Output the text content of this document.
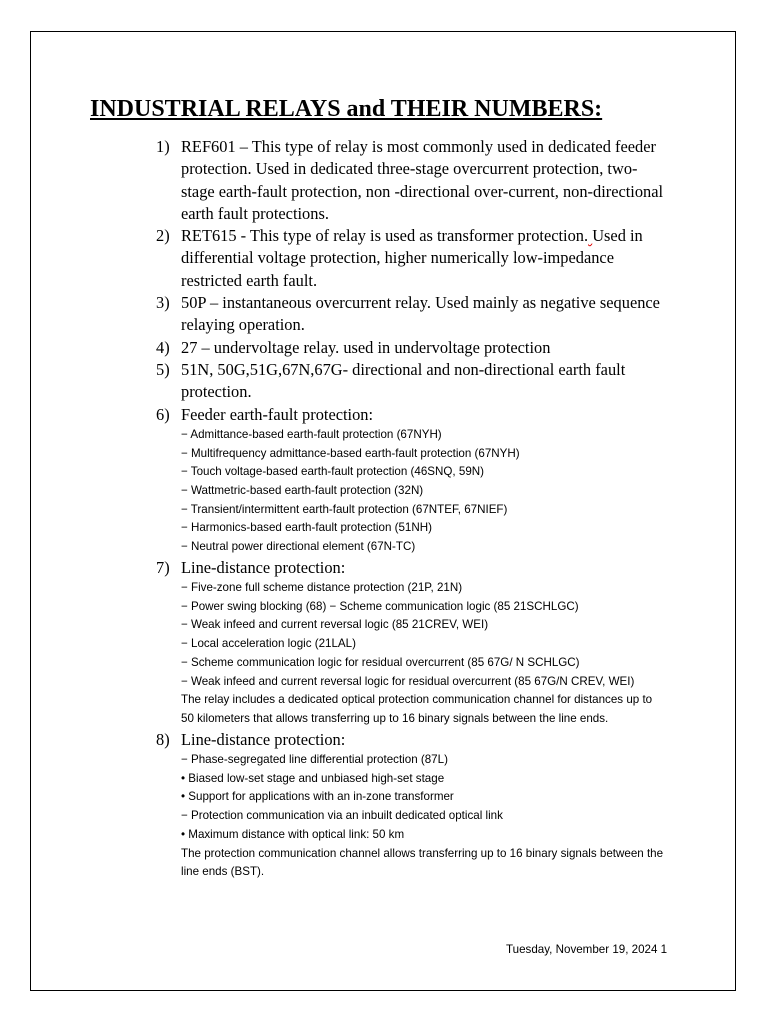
INDUSTRIAL RELAYS and THEIR NUMBERS:
1) REF601 – This type of relay is most commonly used in dedicated feeder protection. Used in dedicated three-stage overcurrent protection, two-stage earth-fault protection, non -directional over-current, non-directional earth fault protections.
2) RET615 - This type of relay is used as transformer protection. Used in differential voltage protection, higher numerically low-impedance restricted earth fault.
3) 50P – instantaneous overcurrent relay. Used mainly as negative sequence relaying operation.
4) 27 – undervoltage relay. used in undervoltage protection
5) 51N, 50G,51G,67N,67G- directional and non-directional earth fault protection.
6) Feeder earth-fault protection:
− Admittance-based earth-fault protection (67NYH)
− Multifrequency admittance-based earth-fault protection (67NYH)
− Touch voltage-based earth-fault protection (46SNQ, 59N)
− Wattmetric-based earth-fault protection (32N)
− Transient/intermittent earth-fault protection (67NTEF, 67NIEF)
− Harmonics-based earth-fault protection (51NH)
− Neutral power directional element (67N-TC)
7) Line-distance protection:
− Five-zone full scheme distance protection (21P, 21N)
− Power swing blocking (68) − Scheme communication logic (85 21SCHLGC)
− Weak infeed and current reversal logic (85 21CREV, WEI)
− Local acceleration logic (21LAL)
− Scheme communication logic for residual overcurrent (85 67G/ N SCHLGC)
− Weak infeed and current reversal logic for residual overcurrent (85 67G/N CREV, WEI)
The relay includes a dedicated optical protection communication channel for distances up to 50 kilometers that allows transferring up to 16 binary signals between the line ends.
8) Line-distance protection:
− Phase-segregated line differential protection (87L)
• Biased low-set stage and unbiased high-set stage
• Support for applications with an in-zone transformer
− Protection communication via an inbuilt dedicated optical link
• Maximum distance with optical link: 50 km
The protection communication channel allows transferring up to 16 binary signals between the line ends (BST).
Tuesday, November 19, 2024 1
